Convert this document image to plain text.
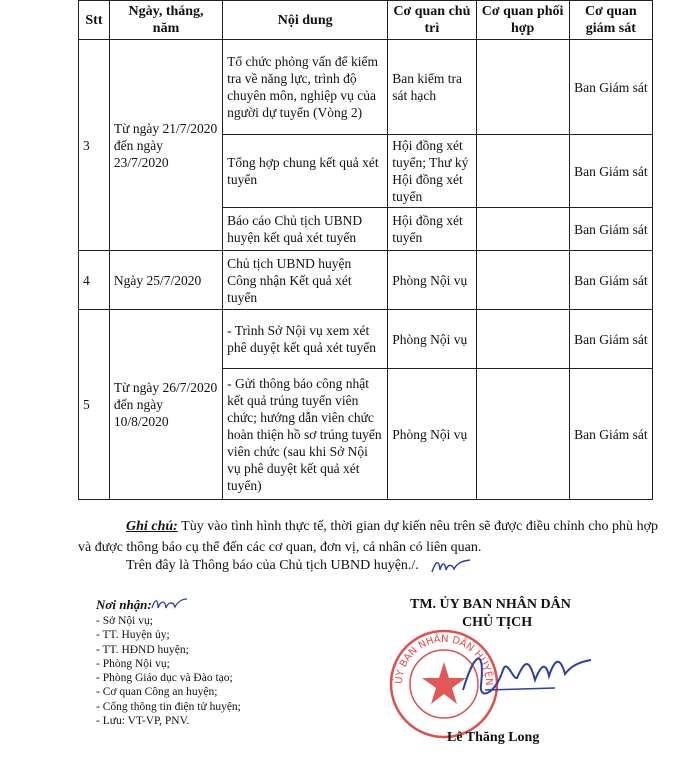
Stt	Ngày, tháng, năm	Nội dung	Cơ quan chủ trì	Cơ quan phối hợp	Cơ quan giám sát
3	Từ ngày 21/7/2020 đến ngày 23/7/2020	Tổ chức phỏng vấn để kiểm tra về năng lực, trình độ chuyên môn, nghiệp vụ của người dự tuyển (Vòng 2)	Ban kiểm tra sát hạch		Ban Giám sát
		Tổng hợp chung kết quả xét tuyển	Hội đồng xét tuyển; Thư ký Hội đồng xét tuyển		Ban Giám sát
		Báo cáo Chủ tịch UBND huyện kết quả xét tuyển	Hội đồng xét tuyển		Ban Giám sát
4	Ngày 25/7/2020	Chủ tịch UBND huyện Công nhận Kết quả xét tuyển	Phòng Nội vụ		Ban Giám sát
5	Từ ngày 26/7/2020 đến ngày 10/8/2020	- Trình Sở Nội vụ xem xét phê duyệt kết quả xét tuyển	Phòng Nội vụ		Ban Giám sát
		- Gửi thông báo công nhật kết quả trúng tuyển viên chức; hướng dẫn viên chức hoàn thiện hồ sơ trúng tuyển viên chức (sau khi Sở Nội vụ phê duyệt kết quả xét tuyển)	Phòng Nội vụ		Ban Giám sát
Ghi chú: Tùy vào tình hình thực tế, thời gian dự kiến nêu trên sẽ được điều chỉnh cho phù hợp và được thông báo cụ thể đến các cơ quan, đơn vị, cá nhân có liên quan.
Trên đây là Thông báo của Chủ tịch UBND huyện./.
Nơi nhận:
- Sở Nội vụ;
- TT. Huyện ủy;
- TT. HĐND huyện;
- Phòng Nội vụ;
- Phòng Giáo dục và Đào tạo;
- Cơ quan Công an huyện;
- Cổng thông tin điện tử huyện;
- Lưu: VT-VP, PNV.
TM. ỦY BAN NHÂN DÂN
CHỦ TỊCH
ỦY BAN NHÂN DÂN HUYỆN
Lê Thăng Long
